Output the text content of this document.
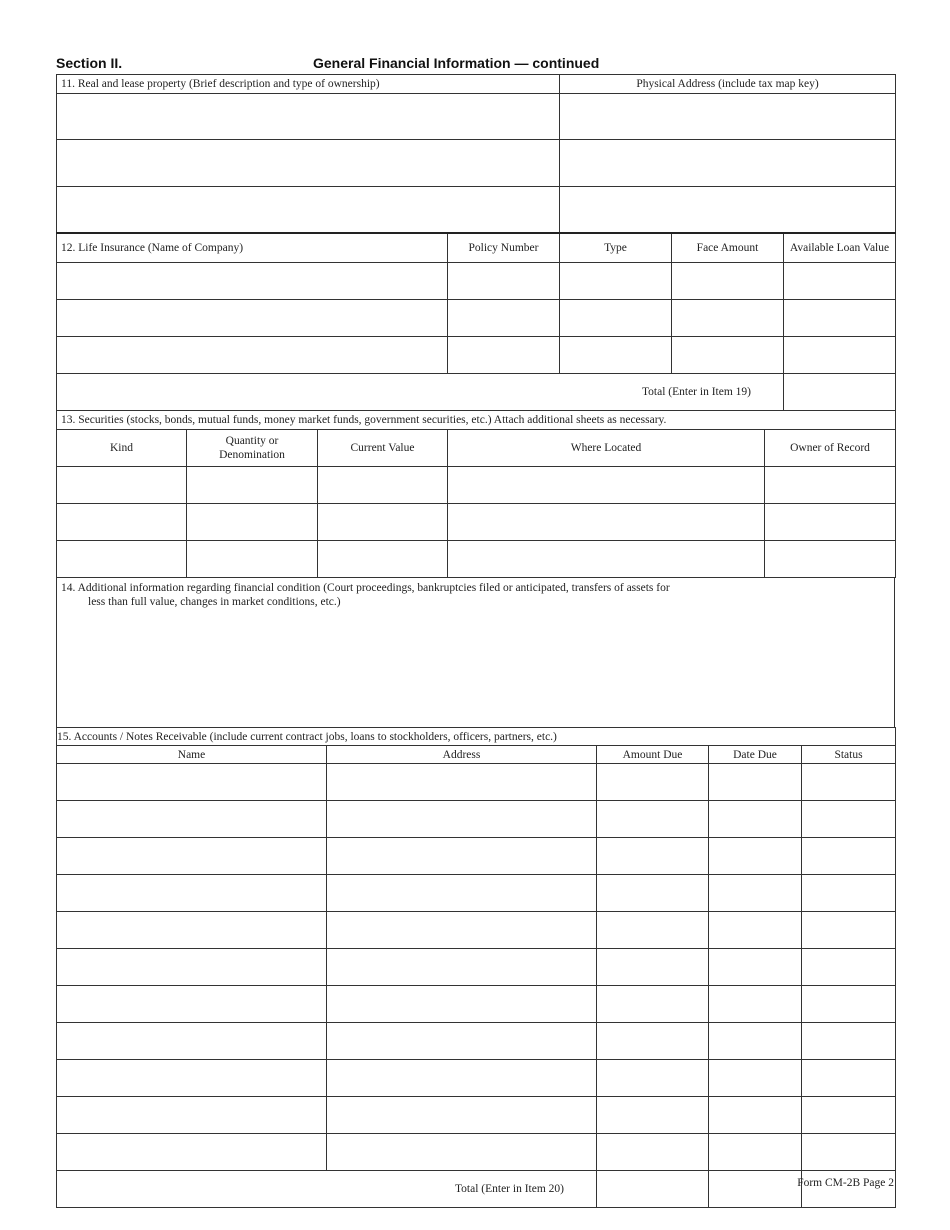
Section II.	General Financial Information — continued
11. Real and lease property (Brief description and type of ownership)	Physical Address (include tax map key)

12. Life Insurance (Name of Company)	Policy Number	Type	Face Amount	Available Loan Value

Total (Enter in Item 19)				
13. Securities (stocks, bonds, mutual funds, money market funds, government securities, etc.) Attach additional sheets as necessary.				
Kind	Quantity or
Denomination	Current Value	Where Located	Owner of Record

14. Additional information regarding financial condition (Court proceedings, bankruptcies filed or anticipated, transfers of assets for
less than full value, changes in market conditions, etc.)
15. Accounts / Notes Receivable (include current contract jobs, loans to stockholders, officers, partners, etc.)				
Name	Address	Amount Due	Date Due	Status

Total (Enter in Item 20)					Form CM-2B Page 2
